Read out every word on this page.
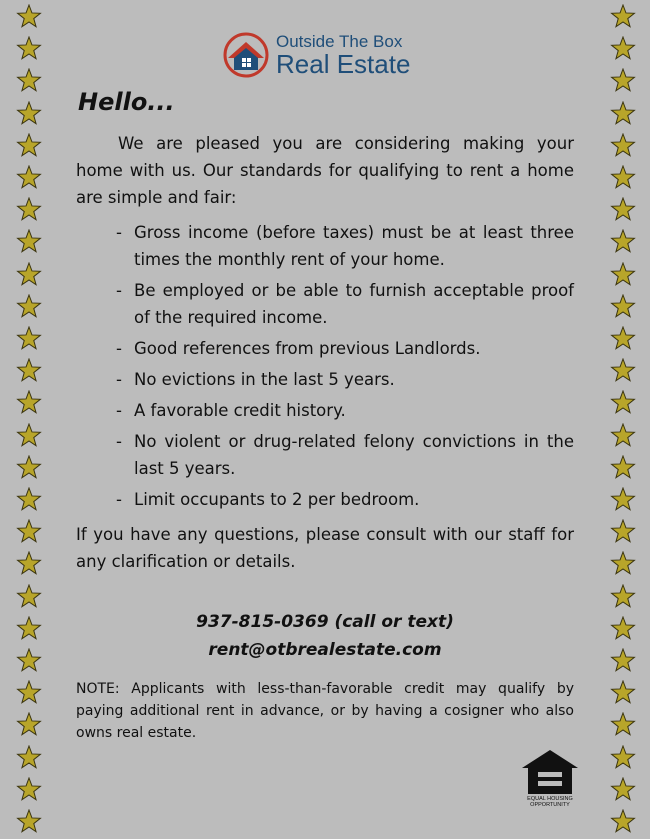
Outside The Box
Real Estate
Hello...

We are pleased you are considering making your home with us. Our standards for qualifying to rent a home are simple and fair:

- Gross income (before taxes) must be at least three times the monthly rent of your home.
- Be employed or be able to furnish acceptable proof of the required income.
- Good references from previous Landlords.
- No evictions in the last 5 years.
- A favorable credit history.
- No violent or drug-related felony convictions in the last 5 years.
- Limit occupants to 2 per bedroom.

If you have any questions, please consult with our staff for any clarification or details.

937-815-0369 (call or text)
rent@otbrealestate.com
NOTE: Applicants with less-than-favorable credit may qualify by paying additional rent in advance, or by having a cosigner who also owns real estate.
EQUAL HOUSING
OPPORTUNITY
